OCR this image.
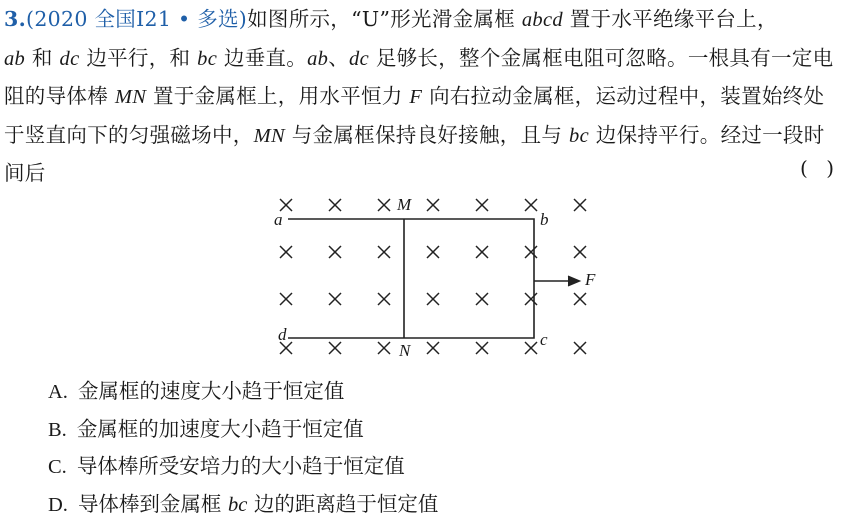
3.(2020 全国Ⅰ21 • 多选)如图所示，“U”形光滑金属框 abcd 置于水平绝缘平台上，
ab 和 dc 边平行，和 bc 边垂直。ab、dc 足够长，整个金属框电阻可忽略。一根具有一定电
阻的导体棒 MN 置于金属框上，用水平恒力 F 向右拉动金属框，运动过程中，装置始终处
于竖直向下的匀强磁场中，MN 与金属框保持良好接触，且与 bc 边保持平行。经过一段时
间后	( )
a	b
c
d
M
N
F
A. 金属框的速度大小趋于恒定值
B. 金属框的加速度大小趋于恒定值
C. 导体棒所受安培力的大小趋于恒定值
D. 导体棒到金属框 bc 边的距离趋于恒定值
